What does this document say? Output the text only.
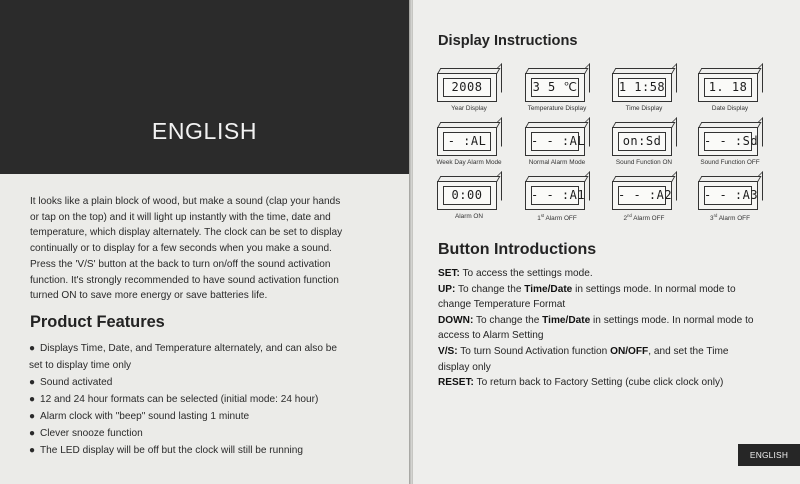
ENGLISH
It looks like a plain block of wood, but make a sound (clap your hands
or tap on the top) and it will light up instantly with the time, date and
temperature, which display alternately. The clock can be set to display
continually or to display for a few seconds when you make a sound.
Press the 'V/S' button at the back to turn on/off the sound activation
function. It's strongly recommended to have sound activation function
turned ON to save more energy or save batteries life.
Product Features
● Displays Time, Date, and Temperature alternately, and can also be
set to display time only
● Sound activated
● 12 and 24 hour formats can be selected (initial mode: 24 hour)
● Alarm clock with "beep" sound lasting 1 minute
● Clever snooze function
● The LED display will be off but the clock will still be running
Display Instructions
2008
Year Display
3 5 ℃
Temperature Display
1 1:58
Time Display
1. 18
Date Display
- :AL
Week Day Alarm Mode
- - :AL
Normal Alarm Mode
on:Sd
Sound Function ON
- - :Sd
Sound Function OFF
0:00
Alarm ON
- - :A1
1st Alarm OFF
- - :A2
2nd Alarm OFF
- - :A3
3rd Alarm OFF
Button Introductions
SET: To access the settings mode.
UP: To change the Time/Date in settings mode. In normal mode to
change Temperature Format
DOWN: To change the Time/Date in settings mode. In normal mode to
access to Alarm Setting
V/S: To turn Sound Activation function ON/OFF, and set the Time
display only
RESET: To return back to Factory Setting (cube click clock only)
ENGLISH
